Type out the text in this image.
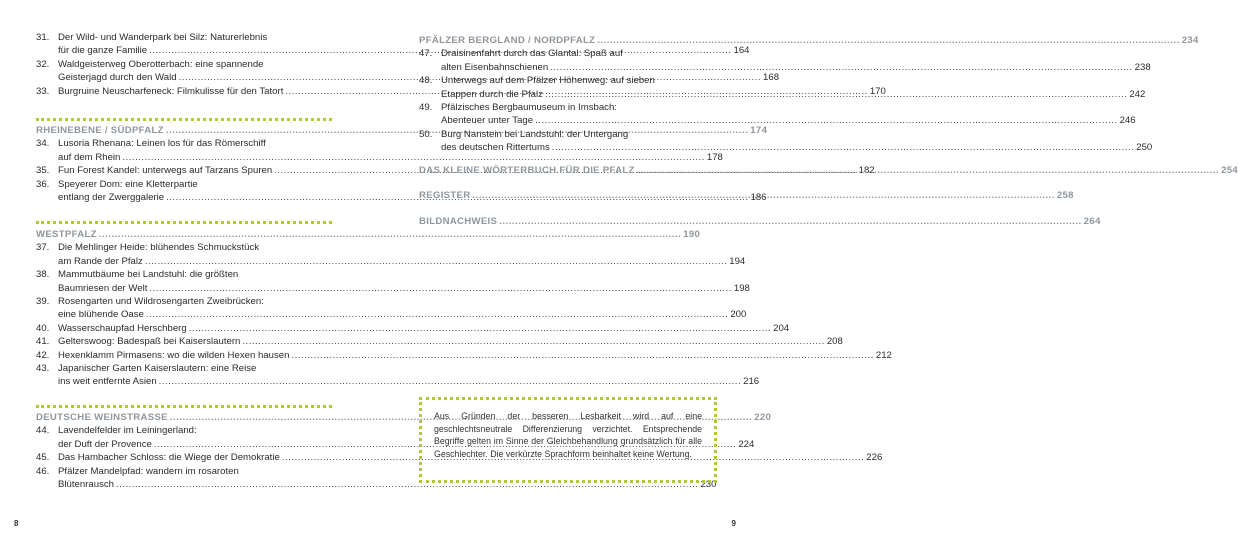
31. Der Wild- und Wanderpark bei Silz: Naturerlebnis
für die ganze Familie .....	164
32. Waldgeisterweg Oberotterbach: eine spannende
Geisterjagd durch den Wald .....	168
33. Burgruine Neuscharfeneck: Filmkulisse für den Tatort .....	170
RHEINEBENE / SÜDPFALZ .....	174
34. Lusoria Rhenana: Leinen los für das Römerschiff
auf dem Rhein .....	178
35. Fun Forest Kandel: unterwegs auf Tarzans Spuren .....	182
36. Speyerer Dom: eine Kletterpartie
entlang der Zwerggalerie .....	186
WESTPFALZ .....	190
37. Die Mehlinger Heide: blühendes Schmuckstück
am Rande der Pfalz .....	194
38. Mammutbäume bei Landstuhl: die größten
Baumriesen der Welt .....	198
39. Rosengarten und Wildrosengarten Zweibrücken:
eine blühende Oase .....	200
40. Wasserschaupfad Herschberg .....	204
41. Gelterswoog: Badespaß bei Kaiserslautern .....	208
42. Hexenklamm Pirmasens: wo die wilden Hexen hausen .....	212
43. Japanischer Garten Kaiserslautern: eine Reise
ins weit entfernte Asien .....	216
DEUTSCHE WEINSTRASSE .....	220
44. Lavendelfelder im Leiningerland:
der Duft der Provence .....	224
45. Das Hambacher Schloss: die Wiege der Demokratie .....	226
46. Pfälzer Mandelpfad: wandern im rosaroten
Blütenrausch .....	230
8
PFÄLZER BERGLAND / NORDPFALZ .....	234
47. Draisinenfahrt durch das Glantal: Spaß auf
alten Eisenbahnschienen .....	238
48. Unterwegs auf dem Pfälzer Höhenweg: auf sieben
Etappen durch die Pfalz .....	242
49. Pfälzisches Bergbaumuseum in Imsbach:
Abenteuer unter Tage .....	246
50. Burg Nanstein bei Landstuhl: der Untergang
des deutschen Rittertums .....	250
DAS KLEINE WÖRTERBUCH FÜR DIE PFALZ .....	254
REGISTER .....	258
BILDNACHWEIS .....	264
Aus Gründen der besseren Lesbarkeit wird auf eine geschlechtsneutrale Differenzierung verzichtet. Entsprechende Begriffe gelten im Sinne der Gleichbehandlung grundsätzlich für alle Geschlechter. Die verkürzte Sprachform beinhaltet keine Wertung.
9
